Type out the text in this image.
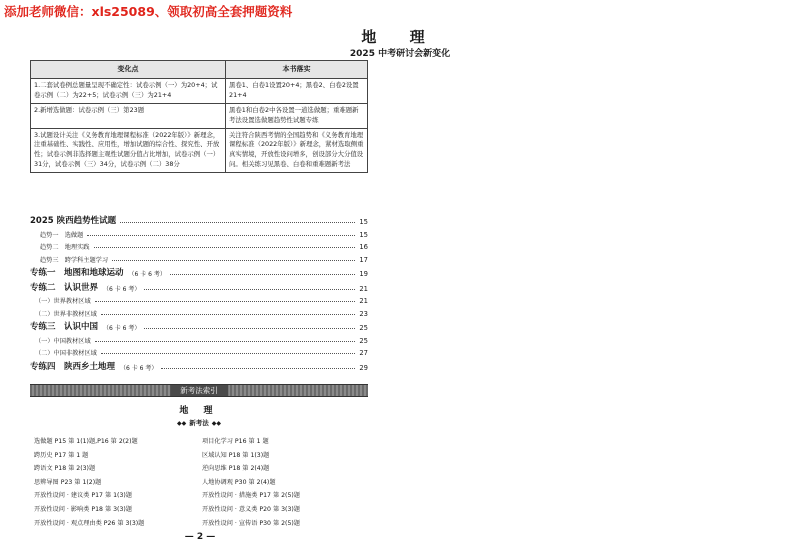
添加老师微信：xls25089、领取初高全套押题资料
地 理
2025 中考研讨会新变化
变化点	本书落实
1.二套试卷例总题量呈现不确定性：试卷示例（一）为20+4；试卷示例（二）为22+5；试卷示例（三）为21+4	黑卷1、白卷1设置20+4；黑卷2、白卷2设置21+4
2.新增选做题：试卷示例（三）第23题	黑卷1和白卷2中各设置一道选做题；重难题新考法设置选做题趋势性试题专练
3.试题设计关注《义务教育地理课程标准（2022年版）》新理念，注重基础性、实践性、应用性，增加试题的综合性、探究性、开放性；试卷示例非选择题主观性试题分值占比增加，试卷示例（一）31分，试卷示例（三）34分，试卷示例（二）38分	关注符合陕西考情的全国趋势和《义务教育地理课程标准（2022年版）》新理念，紧材选取侧重真实情境，开放性设问增多，创设部分大分值设问。相关练习见黑卷、白卷和重难题新考法
2025 陕西趋势性试题	15
趋势一　选做题	15
趋势二　地理实践	16
趋势三　跨学科主题学习	17
专练一　地图和地球运动 （6 卡 6 考）	19
专练二　认识世界 （6 卡 6 考）	21
（一）世界教材区域	21
（二）世界非教材区域	23
专练三　认识中国 （6 卡 6 考）	25
（一）中国教材区域	25
（二）中国非教材区域	27
专练四　陕西乡土地理 （6 卡 6 考）	29
新考法索引
地 理
◆◆ 新考法 ◆◆
选做题 P15 第 1(1)题,P16 第 2(2)题
跨历史 P17 第 1 题
跨语文 P18 第 2(3)题
思辨导图 P23 第 1(2)题
开放性设问 · 建议类 P17 第 1(3)题
开放性设问 · 影响类 P18 第 3(3)题
开放性设问 · 观点理由类 P26 第 3(3)题
项目化学习 P16 第 1 题
区域认知 P18 第 1(3)题
逆向思维 P18 第 2(4)题
人地协调观 P30 第 2(4)题
开放性设问 · 措施类 P17 第 2(5)题
开放性设问 · 意义类 P20 第 3(3)题
开放性设问 · 宣传语 P30 第 2(5)题
— 2 —
